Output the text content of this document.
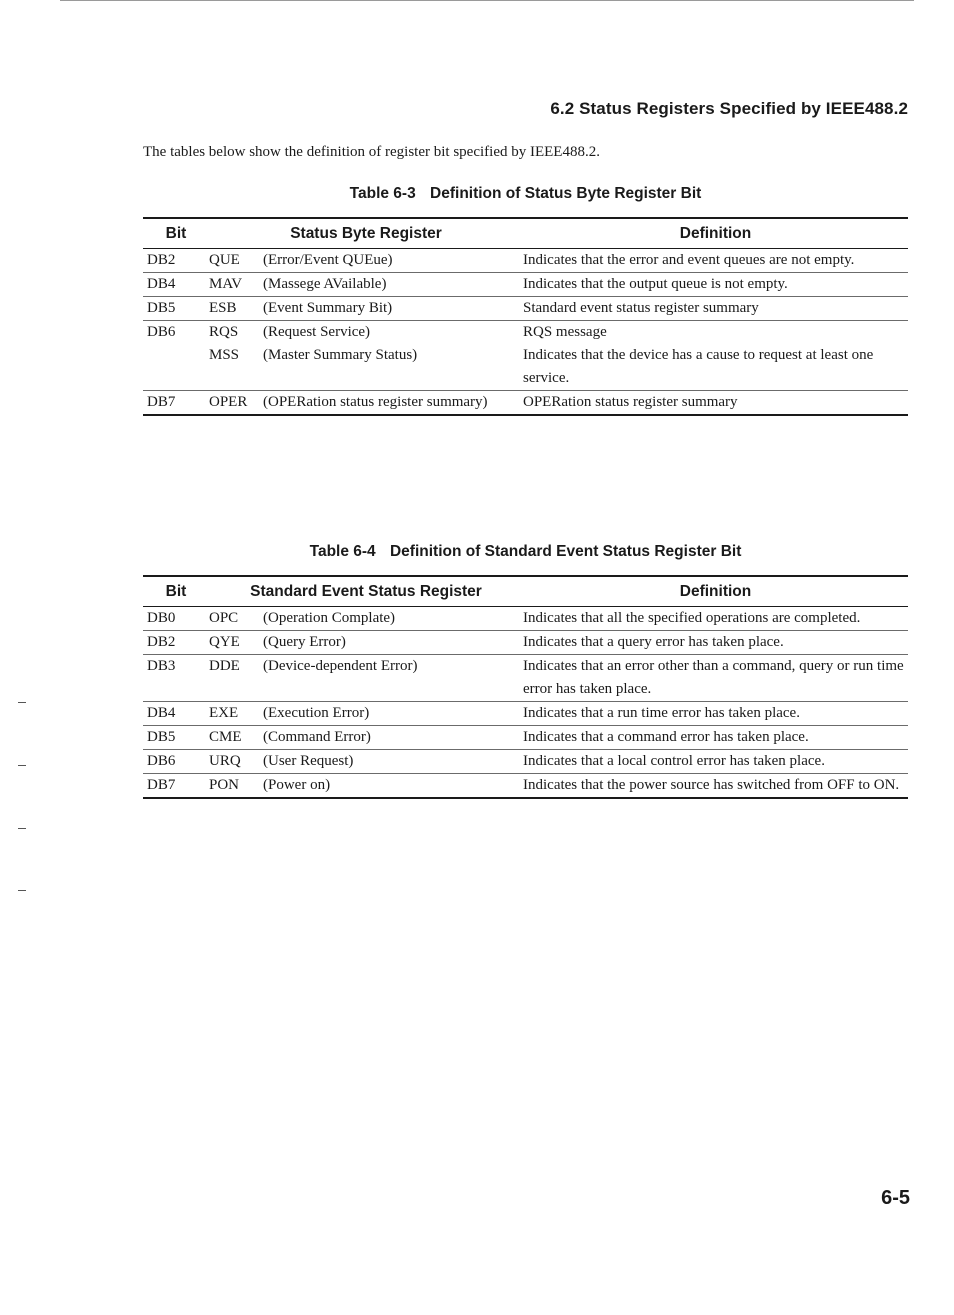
6.2 Status Registers Specified by IEEE488.2
The tables below show the definition of register bit specified by IEEE488.2.
Table 6-3 Definition of Status Byte Register Bit
Bit	Status Byte Register		Definition
DB2	QUE	(Error/Event QUEue)	Indicates that the error and event queues are not empty.
DB4	MAV	(Massege AVailable)	Indicates that the output queue is not empty.
DB5	ESB	(Event Summary Bit)	Standard event status register summary
DB6	RQS	(Request Service)	RQS message
	MSS	(Master Summary Status)	Indicates that the device has a cause to request at least one service.
DB7	OPER	(OPERation status register summary)	OPERation status register summary
Table 6-4 Definition of Standard Event Status Register Bit
Bit	Standard Event Status Register		Definition
DB0	OPC	(Operation Complate)	Indicates that all the specified operations are completed.
DB2	QYE	(Query Error)	Indicates that a query error has taken place.
DB3	DDE	(Device-dependent Error)	Indicates that an error other than a command, query or run time error has taken place.
DB4	EXE	(Execution Error)	Indicates that a run time error has taken place.
DB5	CME	(Command Error)	Indicates that a command error has taken place.
DB6	URQ	(User Request)	Indicates that a local control error has taken place.
DB7	PON	(Power on)	Indicates that the power source has switched from OFF to ON.
6-5
